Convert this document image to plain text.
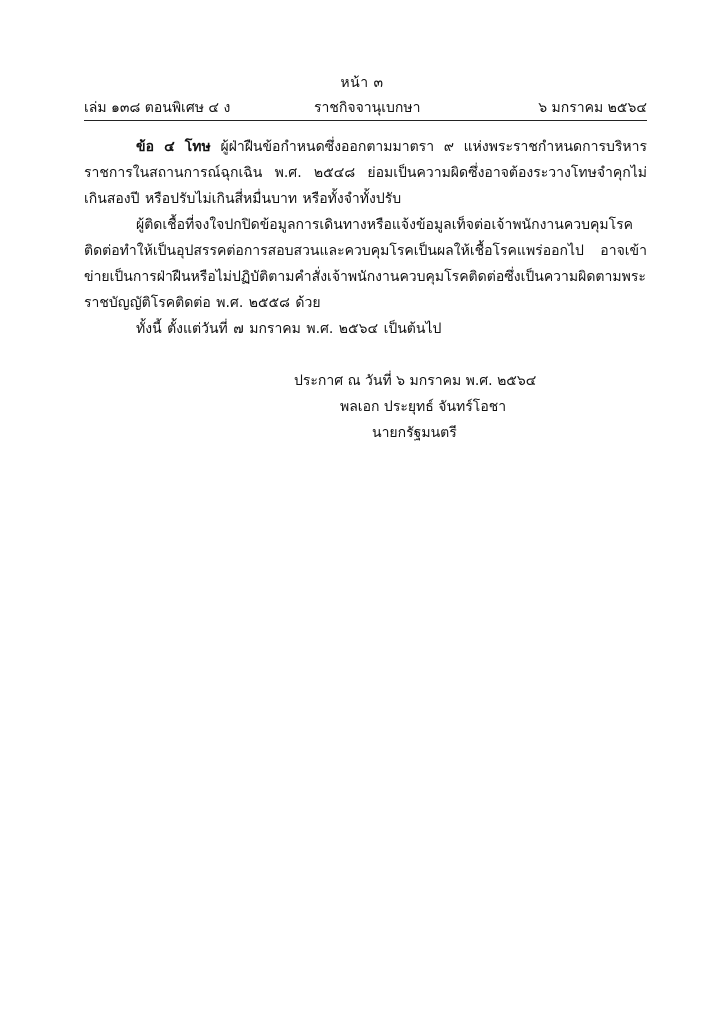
หน้า ๓
เล่ม ๑๓๘ ตอนพิเศษ ๔ ง	ราชกิจจานุเบกษา	๖ มกราคม ๒๕๖๔

ข้อ ๔ โทษ ผู้ฝ่าฝืนข้อกำหนดซึ่งออกตามมาตรา ๙ แห่งพระราชกำหนดการบริหารราชการในสถานการณ์ฉุกเฉิน พ.ศ. ๒๕๔๘ ย่อมเป็นความผิดซึ่งอาจต้องระวางโทษจำคุกไม่เกินสองปี หรือปรับไม่เกินสี่หมื่นบาท หรือทั้งจำทั้งปรับ

ผู้ติดเชื้อที่จงใจปกปิดข้อมูลการเดินทางหรือแจ้งข้อมูลเท็จต่อเจ้าพนักงานควบคุมโรคติดต่อทำให้เป็นอุปสรรคต่อการสอบสวนและควบคุมโรคเป็นผลให้เชื้อโรคแพร่ออกไป อาจเข้าข่ายเป็นการฝ่าฝืนหรือไม่ปฏิบัติตามคำสั่งเจ้าพนักงานควบคุมโรคติดต่อซึ่งเป็นความผิดตามพระราชบัญญัติโรคติดต่อ พ.ศ. ๒๕๕๘ ด้วย

ทั้งนี้ ตั้งแต่วันที่ ๗ มกราคม พ.ศ. ๒๕๖๔ เป็นต้นไป

ประกาศ ณ วันที่ ๖ มกราคม พ.ศ. ๒๕๖๔
พลเอก ประยุทธ์ จันทร์โอชา
นายกรัฐมนตรี
